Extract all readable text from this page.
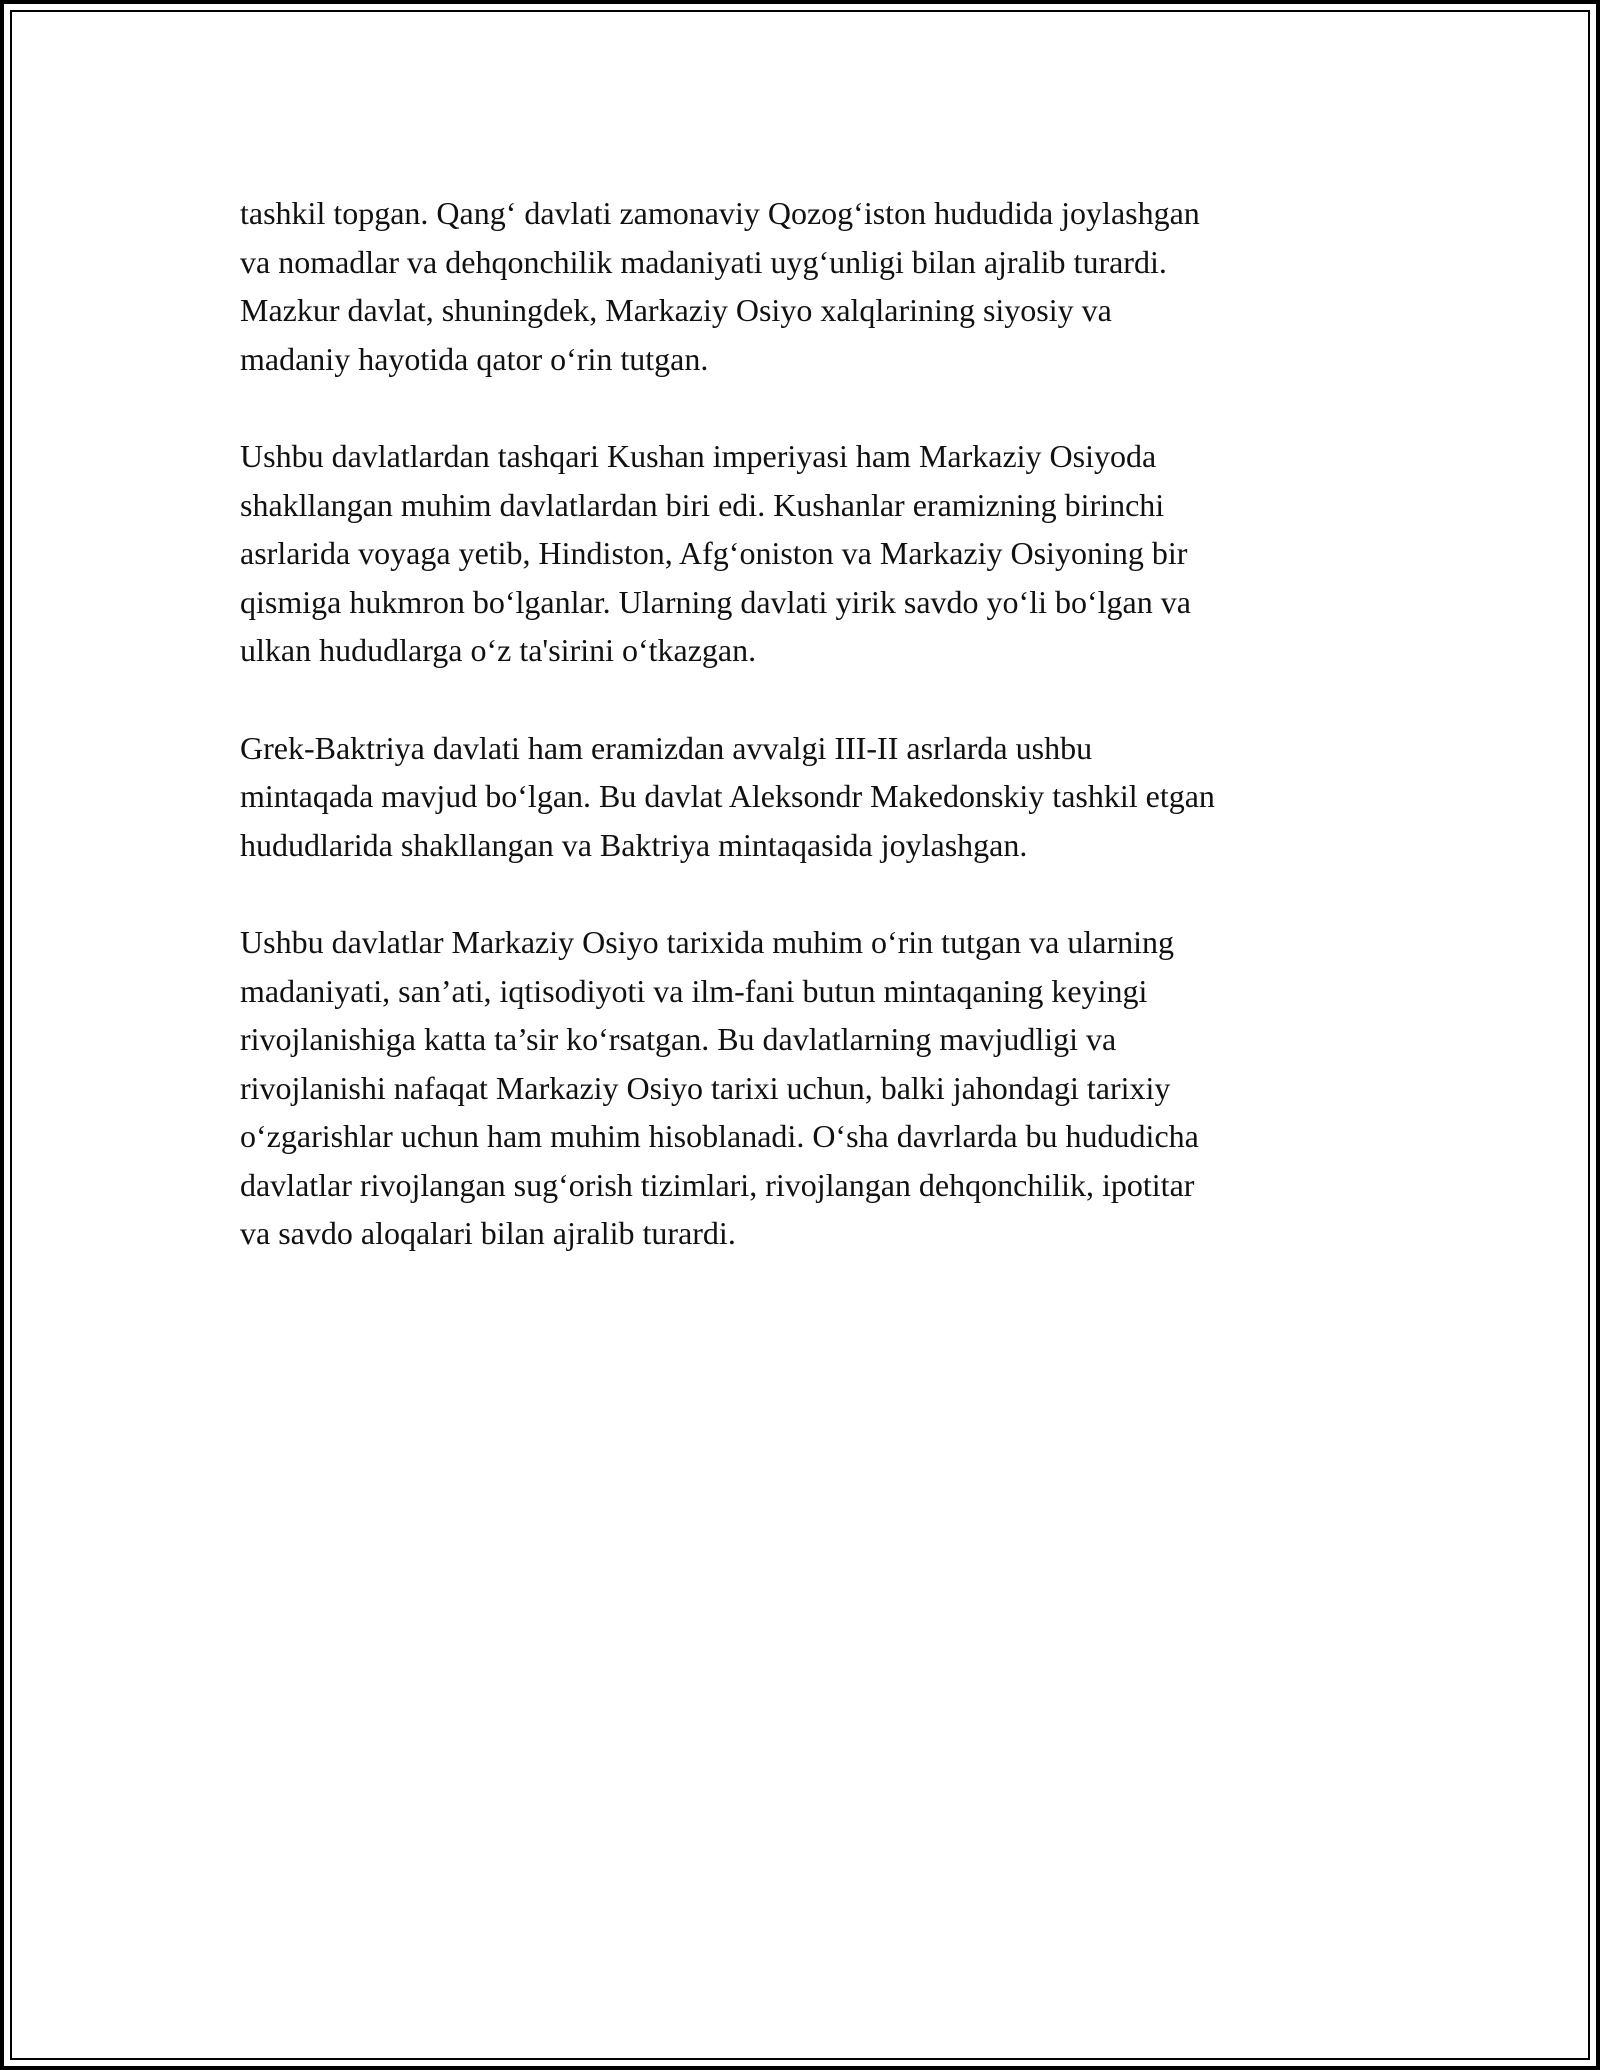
tashkil topgan. Qang‘ davlati zamonaviy Qozog‘iston hududida joylashgan
va nomadlar va dehqonchilik madaniyati uyg‘unligi bilan ajralib turardi.
Mazkur davlat, shuningdek, Markaziy Osiyo xalqlarining siyosiy va
madaniy hayotida qator o‘rin tutgan.

Ushbu davlatlardan tashqari Kushan imperiyasi ham Markaziy Osiyoda
shakllangan muhim davlatlardan biri edi. Kushanlar eramizning birinchi
asrlarida voyaga yetib, Hindiston, Afg‘oniston va Markaziy Osiyoning bir
qismiga hukmron bo‘lganlar. Ularning davlati yirik savdo yo‘li bo‘lgan va
ulkan hududlarga o‘z ta'sirini o‘tkazgan.

Grek-Baktriya davlati ham eramizdan avvalgi III-II asrlarda ushbu
mintaqada mavjud bo‘lgan. Bu davlat Aleksondr Makedonskiy tashkil etgan
hududlarida shakllangan va Baktriya mintaqasida joylashgan.

Ushbu davlatlar Markaziy Osiyo tarixida muhim o‘rin tutgan va ularning
madaniyati, san’ati, iqtisodiyoti va ilm-fani butun mintaqaning keyingi
rivojlanishiga katta ta’sir ko‘rsatgan. Bu davlatlarning mavjudligi va
rivojlanishi nafaqat Markaziy Osiyo tarixi uchun, balki jahondagi tarixiy
o‘zgarishlar uchun ham muhim hisoblanadi. O‘sha davrlarda bu hududicha
davlatlar rivojlangan sug‘orish tizimlari, rivojlangan dehqonchilik, ipotitar
va savdo aloqalari bilan ajralib turardi.
